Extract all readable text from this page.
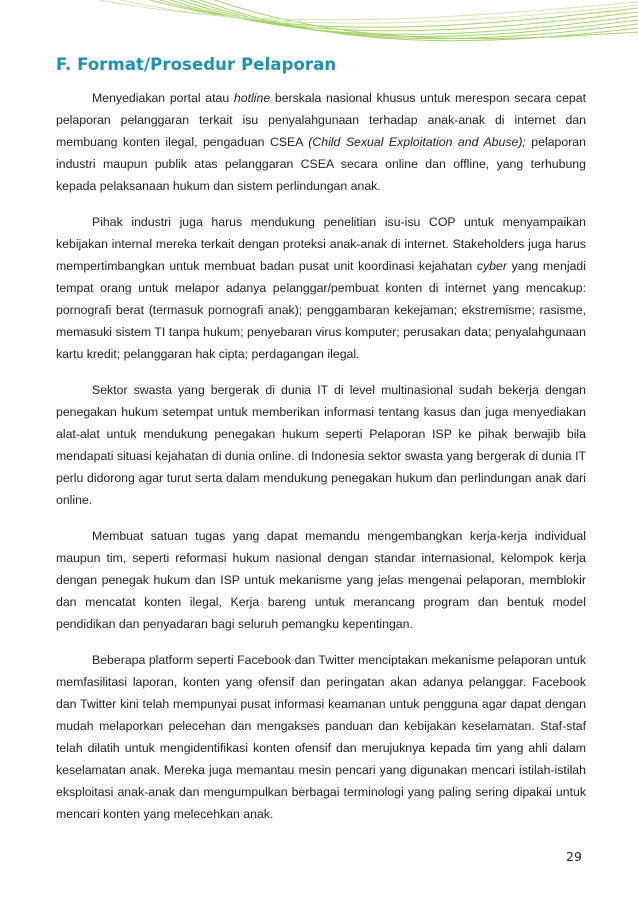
F. Format/Prosedur Pelaporan

Menyediakan portal atau hotline berskala nasional khusus untuk merespon secara cepat pelaporan pelanggaran terkait isu penyalahgunaan terhadap anak-anak di internet dan membuang konten ilegal, pengaduan CSEA (Child Sexual Exploitation and Abuse); pelaporan industri maupun publik atas pelanggaran CSEA secara online dan offline, yang terhubung kepada pelaksanaan hukum dan sistem perlindungan anak.

Pihak industri juga harus mendukung penelitian isu-isu COP untuk menyampaikan kebijakan internal mereka terkait dengan proteksi anak-anak di internet. Stakeholders juga harus mempertimbangkan untuk membuat badan pusat unit koordinasi kejahatan cyber yang menjadi tempat orang untuk melapor adanya pelanggar/pembuat konten di internet yang mencakup: pornografi berat (termasuk pornografi anak); penggambaran kekejaman; ekstremisme; rasisme, memasuki sistem TI tanpa hukum; penyebaran virus komputer; perusakan data; penyalahgunaan kartu kredit; pelanggaran hak cipta; perdagangan ilegal.

Sektor swasta yang bergerak di dunia IT di level multinasional sudah bekerja dengan penegakan hukum setempat untuk memberikan informasi tentang kasus dan juga menyediakan alat-alat untuk mendukung penegakan hukum seperti Pelaporan ISP ke pihak berwajib bila mendapati situasi kejahatan di dunia online. di Indonesia sektor swasta yang bergerak di dunia IT perlu didorong agar turut serta dalam mendukung penegakan hukum dan perlindungan anak dari online.

Membuat satuan tugas yang dapat memandu mengembangkan kerja-kerja individual maupun tim, seperti reformasi hukum nasional dengan standar internasional, kelompok kerja dengan penegak hukum dan ISP untuk mekanisme yang jelas mengenai pelaporan, memblokir dan mencatat konten ilegal, Kerja bareng untuk merancang program dan bentuk model pendidikan dan penyadaran bagi seluruh pemangku kepentingan.

Beberapa platform seperti Facebook dan Twitter menciptakan mekanisme pelaporan untuk memfasilitasi laporan, konten yang ofensif dan peringatan akan adanya pelanggar. Facebook dan Twitter kini telah mempunyai pusat informasi keamanan untuk pengguna agar dapat dengan mudah melaporkan pelecehan dan mengakses panduan dan kebijakan keselamatan. Staf-staf telah dilatih untuk mengidentifikasi konten ofensif dan merujuknya kepada tim yang ahli dalam keselamatan anak. Mereka juga memantau mesin pencari yang digunakan mencari istilah-istilah eksploitasi anak-anak dan mengumpulkan berbagai terminologi yang paling sering dipakai untuk mencari konten yang melecehkan anak.

29
